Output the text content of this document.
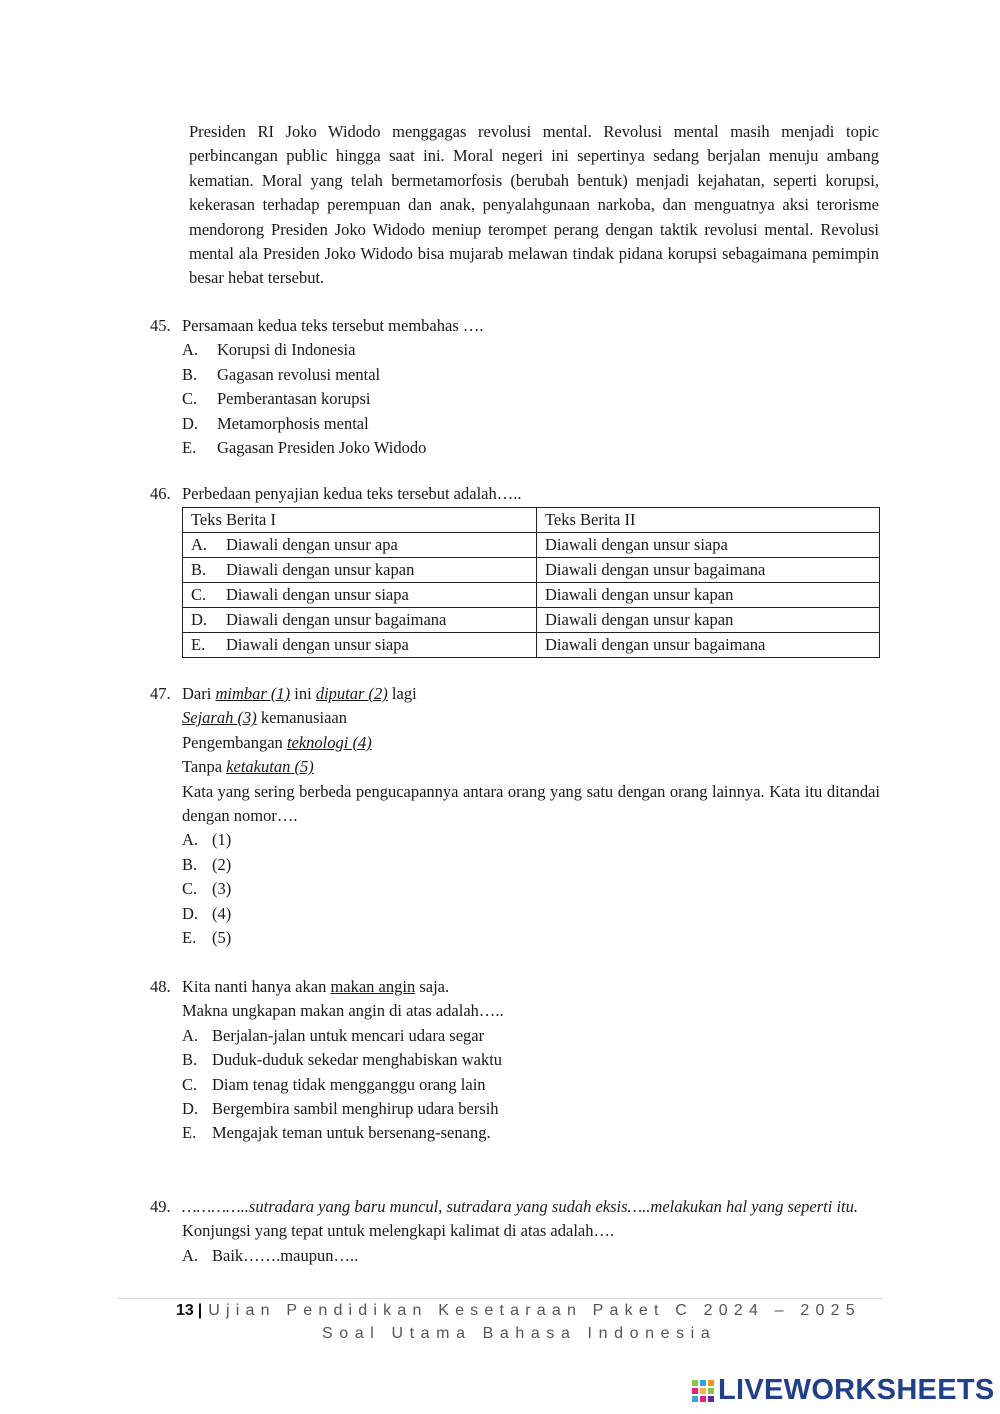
Presiden RI Joko Widodo menggagas revolusi mental. Revolusi mental masih menjadi topic perbincangan public hingga saat ini. Moral negeri ini sepertinya sedang berjalan menuju ambang kematian. Moral yang telah bermetamorfosis (berubah bentuk) menjadi kejahatan, seperti korupsi, kekerasan terhadap perempuan dan anak, penyalahgunaan narkoba, dan menguatnya aksi terorisme mendorong Presiden Joko Widodo meniup terompet perang dengan taktik revolusi mental. Revolusi mental ala Presiden Joko Widodo bisa mujarab melawan tindak pidana korupsi sebagaimana pemimpin besar hebat tersebut.
45. Persamaan kedua teks tersebut membahas ….
A.	Korupsi di Indonesia
B.	Gagasan revolusi mental
C.	Pemberantasan korupsi
D.	Metamorphosis mental
E.	Gagasan Presiden Joko Widodo
46. Perbedaan penyajian kedua teks tersebut adalah…..
Teks Berita I	Teks Berita II
A. Diawali dengan unsur apa	Diawali dengan unsur siapa
B. Diawali dengan unsur kapan	Diawali dengan unsur bagaimana
C. Diawali dengan unsur siapa	Diawali dengan unsur kapan
D. Diawali dengan unsur bagaimana	Diawali dengan unsur kapan
E. Diawali dengan unsur siapa	Diawali dengan unsur bagaimana
47. Dari mimbar (1) ini diputar (2) lagi
Sejarah (3) kemanusiaan
Pengembangan teknologi (4)
Tanpa ketakutan (5)
Kata yang sering berbeda pengucapannya antara orang yang satu dengan orang lainnya. Kata itu ditandai dengan nomor….
A. (1)
B. (2)
C. (3)
D. (4)
E. (5)
48. Kita nanti hanya akan makan angin saja.
Makna ungkapan makan angin di atas adalah…..
A. Berjalan-jalan untuk mencari udara segar
B. Duduk-duduk sekedar menghabiskan waktu
C. Diam tenag tidak mengganggu orang lain
D. Bergembira sambil menghirup udara bersih
E. Mengajak teman untuk bersenang-senang.
49. …………..sutradara yang baru muncul, sutradara yang sudah eksis…..melakukan hal yang seperti itu.
Konjungsi yang tepat untuk melengkapi kalimat di atas adalah….
A. Baik…….maupun…..
13 | Ujian Pendidikan Kesetaraan Paket C 2024 – 2025
Soal Utama Bahasa Indonesia
LIVEWORKSHEETS
